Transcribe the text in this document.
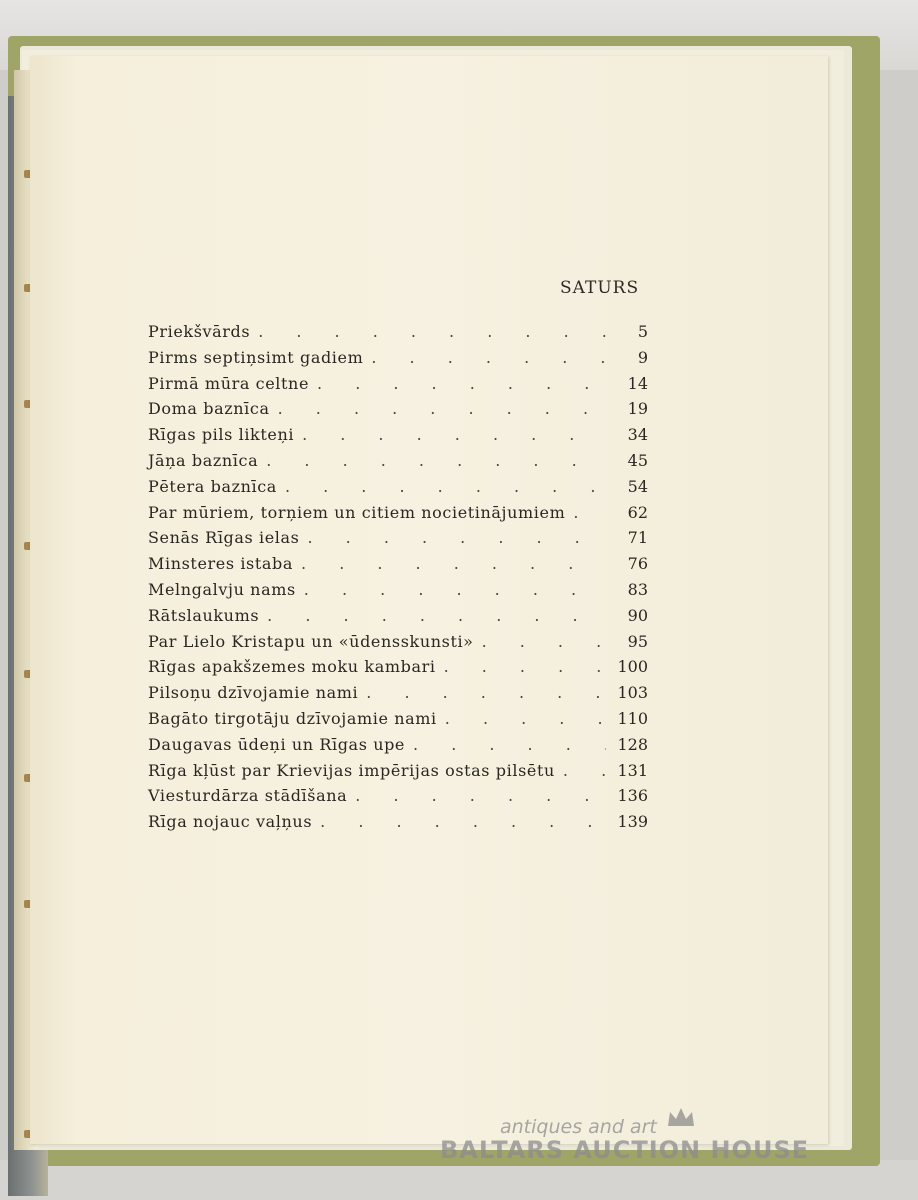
SATURS
Priekšvārds . . .	5
Pirms septiņsimt gadiem . . .	9
Pirmā mūra celtne . . .	14
Doma baznīca . . .	19
Rīgas pils likteņi . . .	34
Jāņa baznīca . . .	45
Pētera baznīca . . .	54
Par mūriem, torņiem un citiem nocietinājumiem . . .	62
Senās Rīgas ielas . . .	71
Minsteres istaba . . .	76
Melngalvju nams . . .	83
Rātslaukums . . .	90
Par Lielo Kristapu un «ūdensskunsti» . . .	95
Rīgas apakšzemes moku kambari . . .	100
Pilsoņu dzīvojamie nami . . .	103
Bagāto tirgotāju dzīvojamie nami . . .	110
Daugavas ūdeņi un Rīgas upe . . .	128
Rīga kļūst par Krievijas impērijas ostas pilsētu . . .	131
Viesturdārza stādīšana . . .	136
Rīga nojauc vaļņus . . .	139
antiques and art
BALTARS AUCTION HOUSE
